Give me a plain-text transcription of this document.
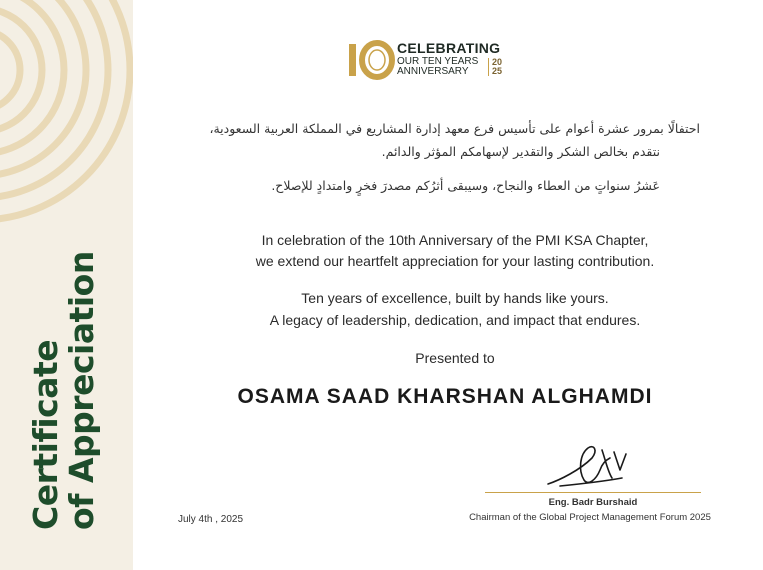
Certificate
of Appreciation
CELEBRATING
OUR TEN YEARS
ANNIVERSARY
20
25
احتفالًا بمرور عشرة أعوام على تأسيس فرع معهد إدارة المشاريع في المملكة العربية السعودية،
نتقدم بخالص الشكر والتقدير لإسهامكم المؤثر والدائم.
عَشرُ سنواتٍ من العطاء والنجاح، وسيبقى أثرُكم مصدرَ فخرٍ وامتدادٍ للإصلاح.
In celebration of the 10th Anniversary of the PMI KSA Chapter,
we extend our heartfelt appreciation for your lasting contribution.
Ten years of excellence, built by hands like yours.
A legacy of leadership, dedication, and impact that endures.
Presented to
OSAMA SAAD KHARSHAN ALGHAMDI
Eng. Badr Burshaid
Chairman of the Global Project Management Forum 2025
July 4th , 2025
